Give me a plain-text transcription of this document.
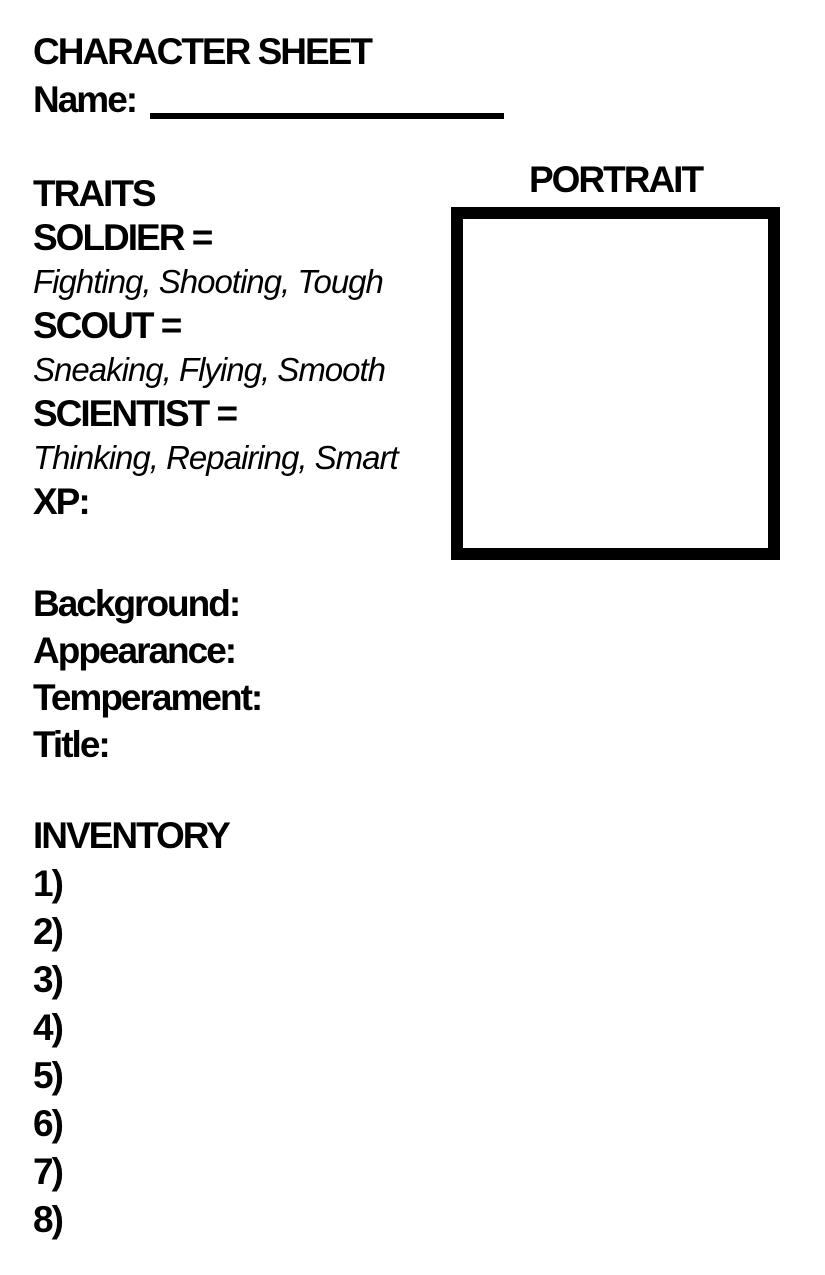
CHARACTER SHEET
Name:
PORTRAIT
TRAITS
SOLDIER =
Fighting, Shooting, Tough
SCOUT =
Sneaking, Flying, Smooth
SCIENTIST =
Thinking, Repairing, Smart
XP:
Background:
Appearance:
Temperament:
Title:
INVENTORY
1)
2)
3)
4)
5)
6)
7)
8)
